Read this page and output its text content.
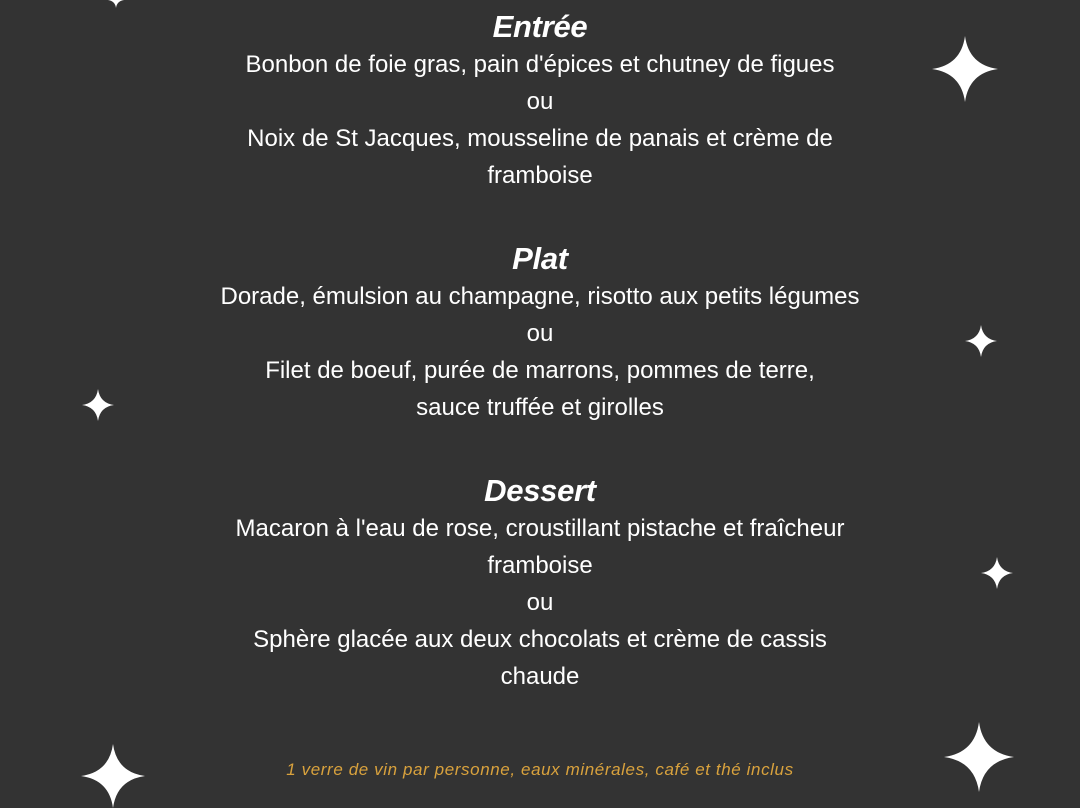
Entrée

Bonbon de foie gras, pain d'épices et chutney de figues

ou

Noix de St Jacques, mousseline de panais et crème de

framboise

Plat

Dorade, émulsion au champagne, risotto aux petits légumes

ou

Filet de boeuf, purée de marrons, pommes de terre,

sauce truffée et girolles

Dessert

Macaron à l'eau de rose, croustillant pistache et fraîcheur

framboise

ou

Sphère glacée aux deux chocolats et crème de cassis

chaude

1 verre de vin par personne, eaux minérales, café et thé inclus
